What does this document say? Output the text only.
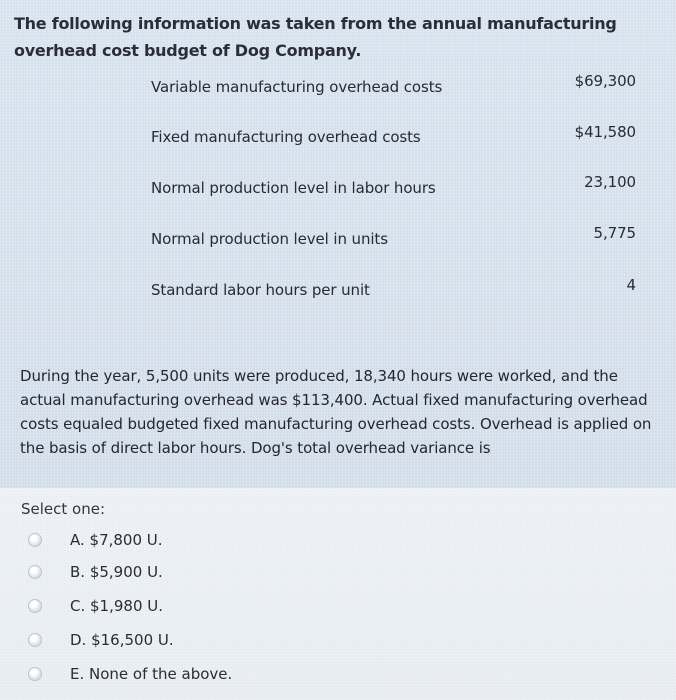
The following information was taken from the annual manufacturing overhead cost budget of Dog Company.
Variable manufacturing overhead costs	$69,300
Fixed manufacturing overhead costs	$41,580
Normal production level in labor hours	23,100
Normal production level in units	5,775
Standard labor hours per unit	4
During the year, 5,500 units were produced, 18,340 hours were worked, and the actual manufacturing overhead was $113,400. Actual fixed manufacturing overhead costs equaled budgeted fixed manufacturing overhead costs. Overhead is applied on the basis of direct labor hours. Dog's total overhead variance is
Select one:
A. $7,800 U.
B. $5,900 U.
C. $1,980 U.
D. $16,500 U.
E. None of the above.
